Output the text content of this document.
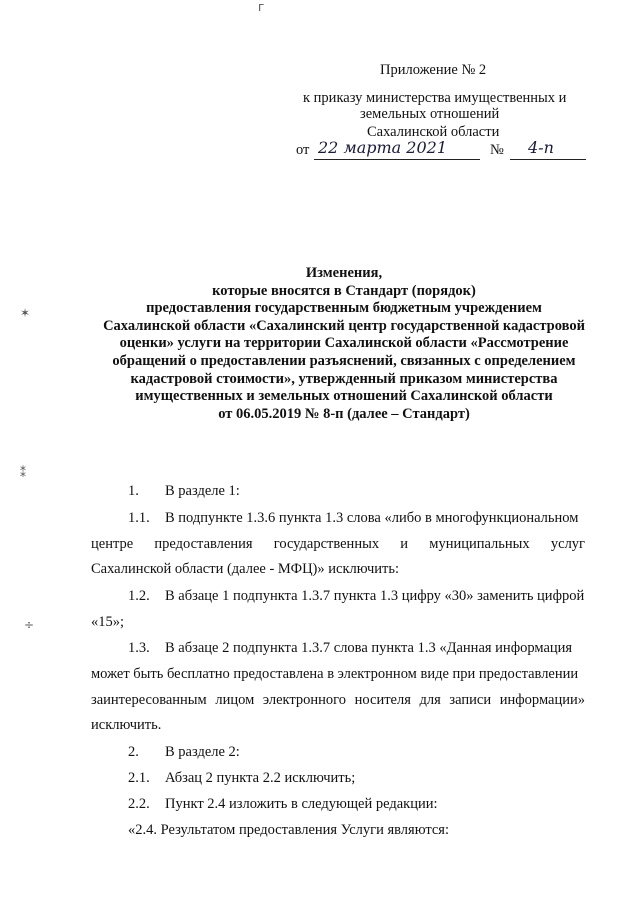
г
✶
⁑
÷
Приложение № 2
к приказу министерства имущественных и
земельных отношений
Сахалинской области
от 22 марта 2021	№ 4-п
Изменения,
которые вносятся в Стандарт (порядок)
предоставления государственным бюджетным учреждением
Сахалинской области «Сахалинский центр государственной кадастровой
оценки» услуги на территории Сахалинской области «Рассмотрение
обращений о предоставлении разъяснений, связанных с определением
кадастровой стоимости», утвержденный приказом министерства
имущественных и земельных отношений Сахалинской области
от 06.05.2019 № 8-п (далее – Стандарт)
1. В разделе 1:
1.1. В подпункте 1.3.6 пункта 1.3 слова «либо в многофункциональном
центре предоставления государственных и муниципальных услуг
Сахалинской области (далее - МФЦ)» исключить:
1.2. В абзаце 1 подпункта 1.3.7 пункта 1.3 цифру «30» заменить цифрой
«15»;
1.3. В абзаце 2 подпункта 1.3.7 слова пункта 1.3 «Данная информация
может быть бесплатно предоставлена в электронном виде при предоставлении
заинтересованным лицом электронного носителя для записи информации»
исключить.
2. В разделе 2:
2.1. Абзац 2 пункта 2.2 исключить;
2.2. Пункт 2.4 изложить в следующей редакции:
«2.4. Результатом предоставления Услуги являются:
